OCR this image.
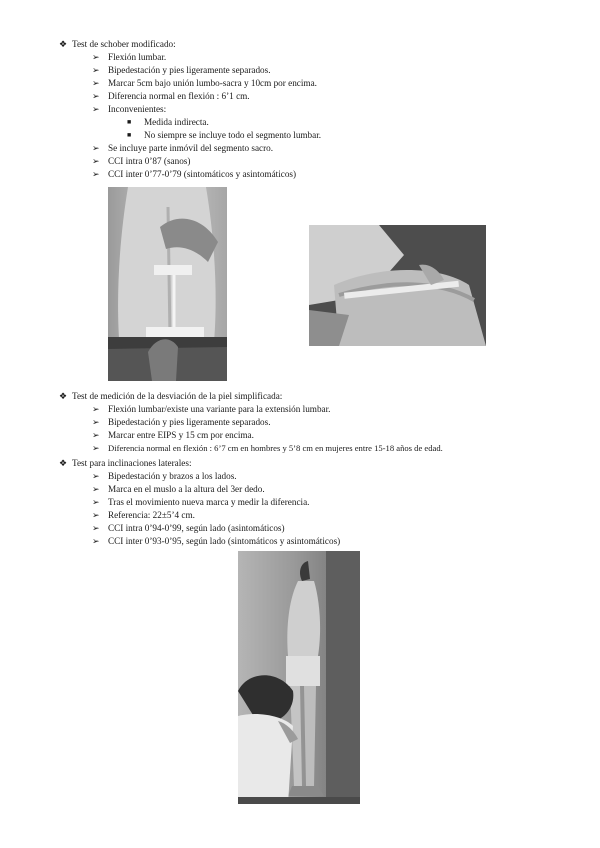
❖ Test de schober modificado:
➢ Flexión lumbar.
➢ Bipedestación y pies ligeramente separados.
➢ Marcar 5cm bajo unión lumbo-sacra y 10cm por encima.
➢ Diferencia normal en flexión : 6’1 cm.
➢ Inconvenientes:
■ Medida indirecta.
■ No siempre se incluye todo el segmento lumbar.
➢ Se incluye parte inmóvil del segmento sacro.
➢ CCI intra 0’87 (sanos)
➢ CCI inter 0’77-0’79 (sintomáticos y asintomáticos)
❖ Test de medición de la desviación de la piel simplificada:
➢ Flexión lumbar/existe una variante para la extensión lumbar.
➢ Bipedestación y pies ligeramente separados.
➢ Marcar entre EIPS y 15 cm por encima.
➢ Diferencia normal en flexión : 6’7 cm en hombres y 5’8 cm en mujeres entre 15-18 años de edad.
❖ Test para inclinaciones laterales:
➢ Bipedestación y brazos a los lados.
➢ Marca en el muslo a la altura del 3er dedo.
➢ Tras el movimiento nueva marca y medir la diferencia.
➢ Referencia: 22±5’4 cm.
➢ CCI intra 0’94-0’99, según lado (asintomáticos)
➢ CCI inter 0’93-0’95, según lado (sintomáticos y asintomáticos)
